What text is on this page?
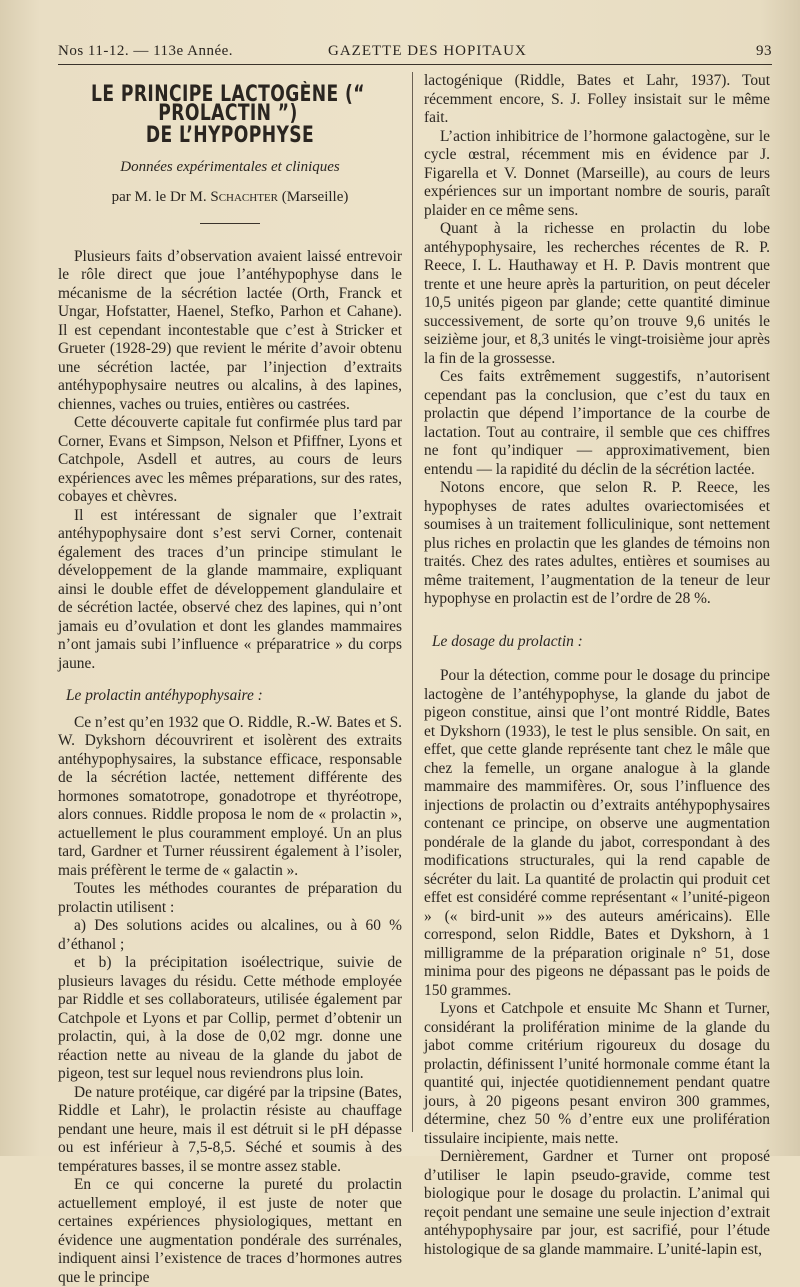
Nos 11-12. — 113e Année.	GAZETTE DES HOPITAUX	93
LE PRINCIPE LACTOGÈNE (“ PROLACTIN ”)
DE L’HYPOPHYSE
Données expérimentales et cliniques
par M. le Dr M. Schachter (Marseille)

Plusieurs faits d’observation avaient laissé entrevoir le rôle direct que joue l’antéhypophyse dans le mécanisme de la sécrétion lactée (Orth, Franck et Ungar, Hofstatter, Haenel, Stefko, Parhon et Cahane). Il est cependant incontestable que c’est à Stricker et Grueter (1928-29) que revient le mérite d’avoir obtenu une sécrétion lactée, par l’injection d’extraits antéhypophysaire neutres ou alcalins, à des lapines, chiennes, vaches ou truies, entières ou castrées.

Cette découverte capitale fut confirmée plus tard par Corner, Evans et Simpson, Nelson et Pfiffner, Lyons et Catchpole, Asdell et autres, au cours de leurs expériences avec les mêmes préparations, sur des rates, cobayes et chèvres.

Il est intéressant de signaler que l’extrait antéhypophysaire dont s’est servi Corner, contenait également des traces d’un principe stimulant le développement de la glande mammaire, expliquant ainsi le double effet de développement glandulaire et de sécrétion lactée, observé chez des lapines, qui n’ont jamais eu d’ovulation et dont les glandes mammaires n’ont jamais subi l’influence « préparatrice » du corps jaune.

Le prolactin antéhypophysaire :

Ce n’est qu’en 1932 que O. Riddle, R.-W. Bates et S. W. Dykshorn découvrirent et isolèrent des extraits antéhypophysaires, la substance efficace, responsable de la sécrétion lactée, nettement différente des hormones somatotrope, gonadotrope et thyréotrope, alors connues. Riddle proposa le nom de « prolactin », actuellement le plus couramment employé. Un an plus tard, Gardner et Turner réussirent également à l’isoler, mais préfèrent le terme de « galactin ».

Toutes les méthodes courantes de préparation du prolactin utilisent :

a) Des solutions acides ou alcalines, ou à 60 % d’éthanol ;

et b) la précipitation isoélectrique, suivie de plusieurs lavages du résidu. Cette méthode employée par Riddle et ses collaborateurs, utilisée également par Catchpole et Lyons et par Collip, permet d’obtenir un prolactin, qui, à la dose de 0,02 mgr. donne une réaction nette au niveau de la glande du jabot de pigeon, test sur lequel nous reviendrons plus loin.

De nature protéique, car digéré par la tripsine (Bates, Riddle et Lahr), le prolactin résiste au chauffage pendant une heure, mais il est détruit si le pH dépasse ou est inférieur à 7,5-8,5. Séché et soumis à des températures basses, il se montre assez stable.

En ce qui concerne la pureté du prolactin actuellement employé, il est juste de noter que certaines expériences physiologiques, mettant en évidence une augmentation pondérale des surrénales, indiquent ainsi l’existence de traces d’hormones autres que le principe

lactogénique (Riddle, Bates et Lahr, 1937). Tout récemment encore, S. J. Folley insistait sur le même fait.

L’action inhibitrice de l’hormone galactogène, sur le cycle œstral, récemment mis en évidence par J. Figarella et V. Donnet (Marseille), au cours de leurs expériences sur un important nombre de souris, paraît plaider en ce même sens.

Quant à la richesse en prolactin du lobe antéhypophysaire, les recherches récentes de R. P. Reece, I. L. Hauthaway et H. P. Davis montrent que trente et une heure après la parturition, on peut déceler 10,5 unités pigeon par glande; cette quantité diminue successivement, de sorte qu’on trouve 9,6 unités le seizième jour, et 8,3 unités le vingt-troisième jour après la fin de la grossesse.

Ces faits extrêmement suggestifs, n’autorisent cependant pas la conclusion, que c’est du taux en prolactin que dépend l’importance de la courbe de lactation. Tout au contraire, il semble que ces chiffres ne font qu’indiquer — approximativement, bien entendu — la rapidité du déclin de la sécrétion lactée.

Notons encore, que selon R. P. Reece, les hypophyses de rates adultes ovariectomisées et soumises à un traitement folliculinique, sont nettement plus riches en prolactin que les glandes de témoins non traités. Chez des rates adultes, entières et soumises au même traitement, l’augmentation de la teneur de leur hypophyse en prolactin est de l’ordre de 28 %.

Le dosage du prolactin :

Pour la détection, comme pour le dosage du principe lactogène de l’antéhypophyse, la glande du jabot de pigeon constitue, ainsi que l’ont montré Riddle, Bates et Dykshorn (1933), le test le plus sensible. On sait, en effet, que cette glande représente tant chez le mâle que chez la femelle, un organe analogue à la glande mammaire des mammifères. Or, sous l’influence des injections de prolactin ou d’extraits antéhypophysaires contenant ce principe, on observe une augmentation pondérale de la glande du jabot, correspondant à des modifications structurales, qui la rend capable de sécréter du lait. La quantité de prolactin qui produit cet effet est considéré comme représentant « l’unité-pigeon » (« bird-unit »» des auteurs américains). Elle correspond, selon Riddle, Bates et Dykshorn, à 1 milligramme de la préparation originale n° 51, dose minima pour des pigeons ne dépassant pas le poids de 150 grammes.

Lyons et Catchpole et ensuite Mc Shann et Turner, considérant la prolifération minime de la glande du jabot comme critérium rigoureux du dosage du prolactin, définissent l’unité hormonale comme étant la quantité qui, injectée quotidiennement pendant quatre jours, à 20 pigeons pesant environ 300 grammes, détermine, chez 50 % d’entre eux une prolifération tissulaire incipiente, mais nette.

Dernièrement, Gardner et Turner ont proposé d’utiliser le lapin pseudo-gravide, comme test biologique pour le dosage du prolactin. L’animal qui reçoit pendant une semaine une seule injection d’extrait antéhypophysaire par jour, est sacrifié, pour l’étude histologique de sa glande mammaire. L’unité-lapin est,
